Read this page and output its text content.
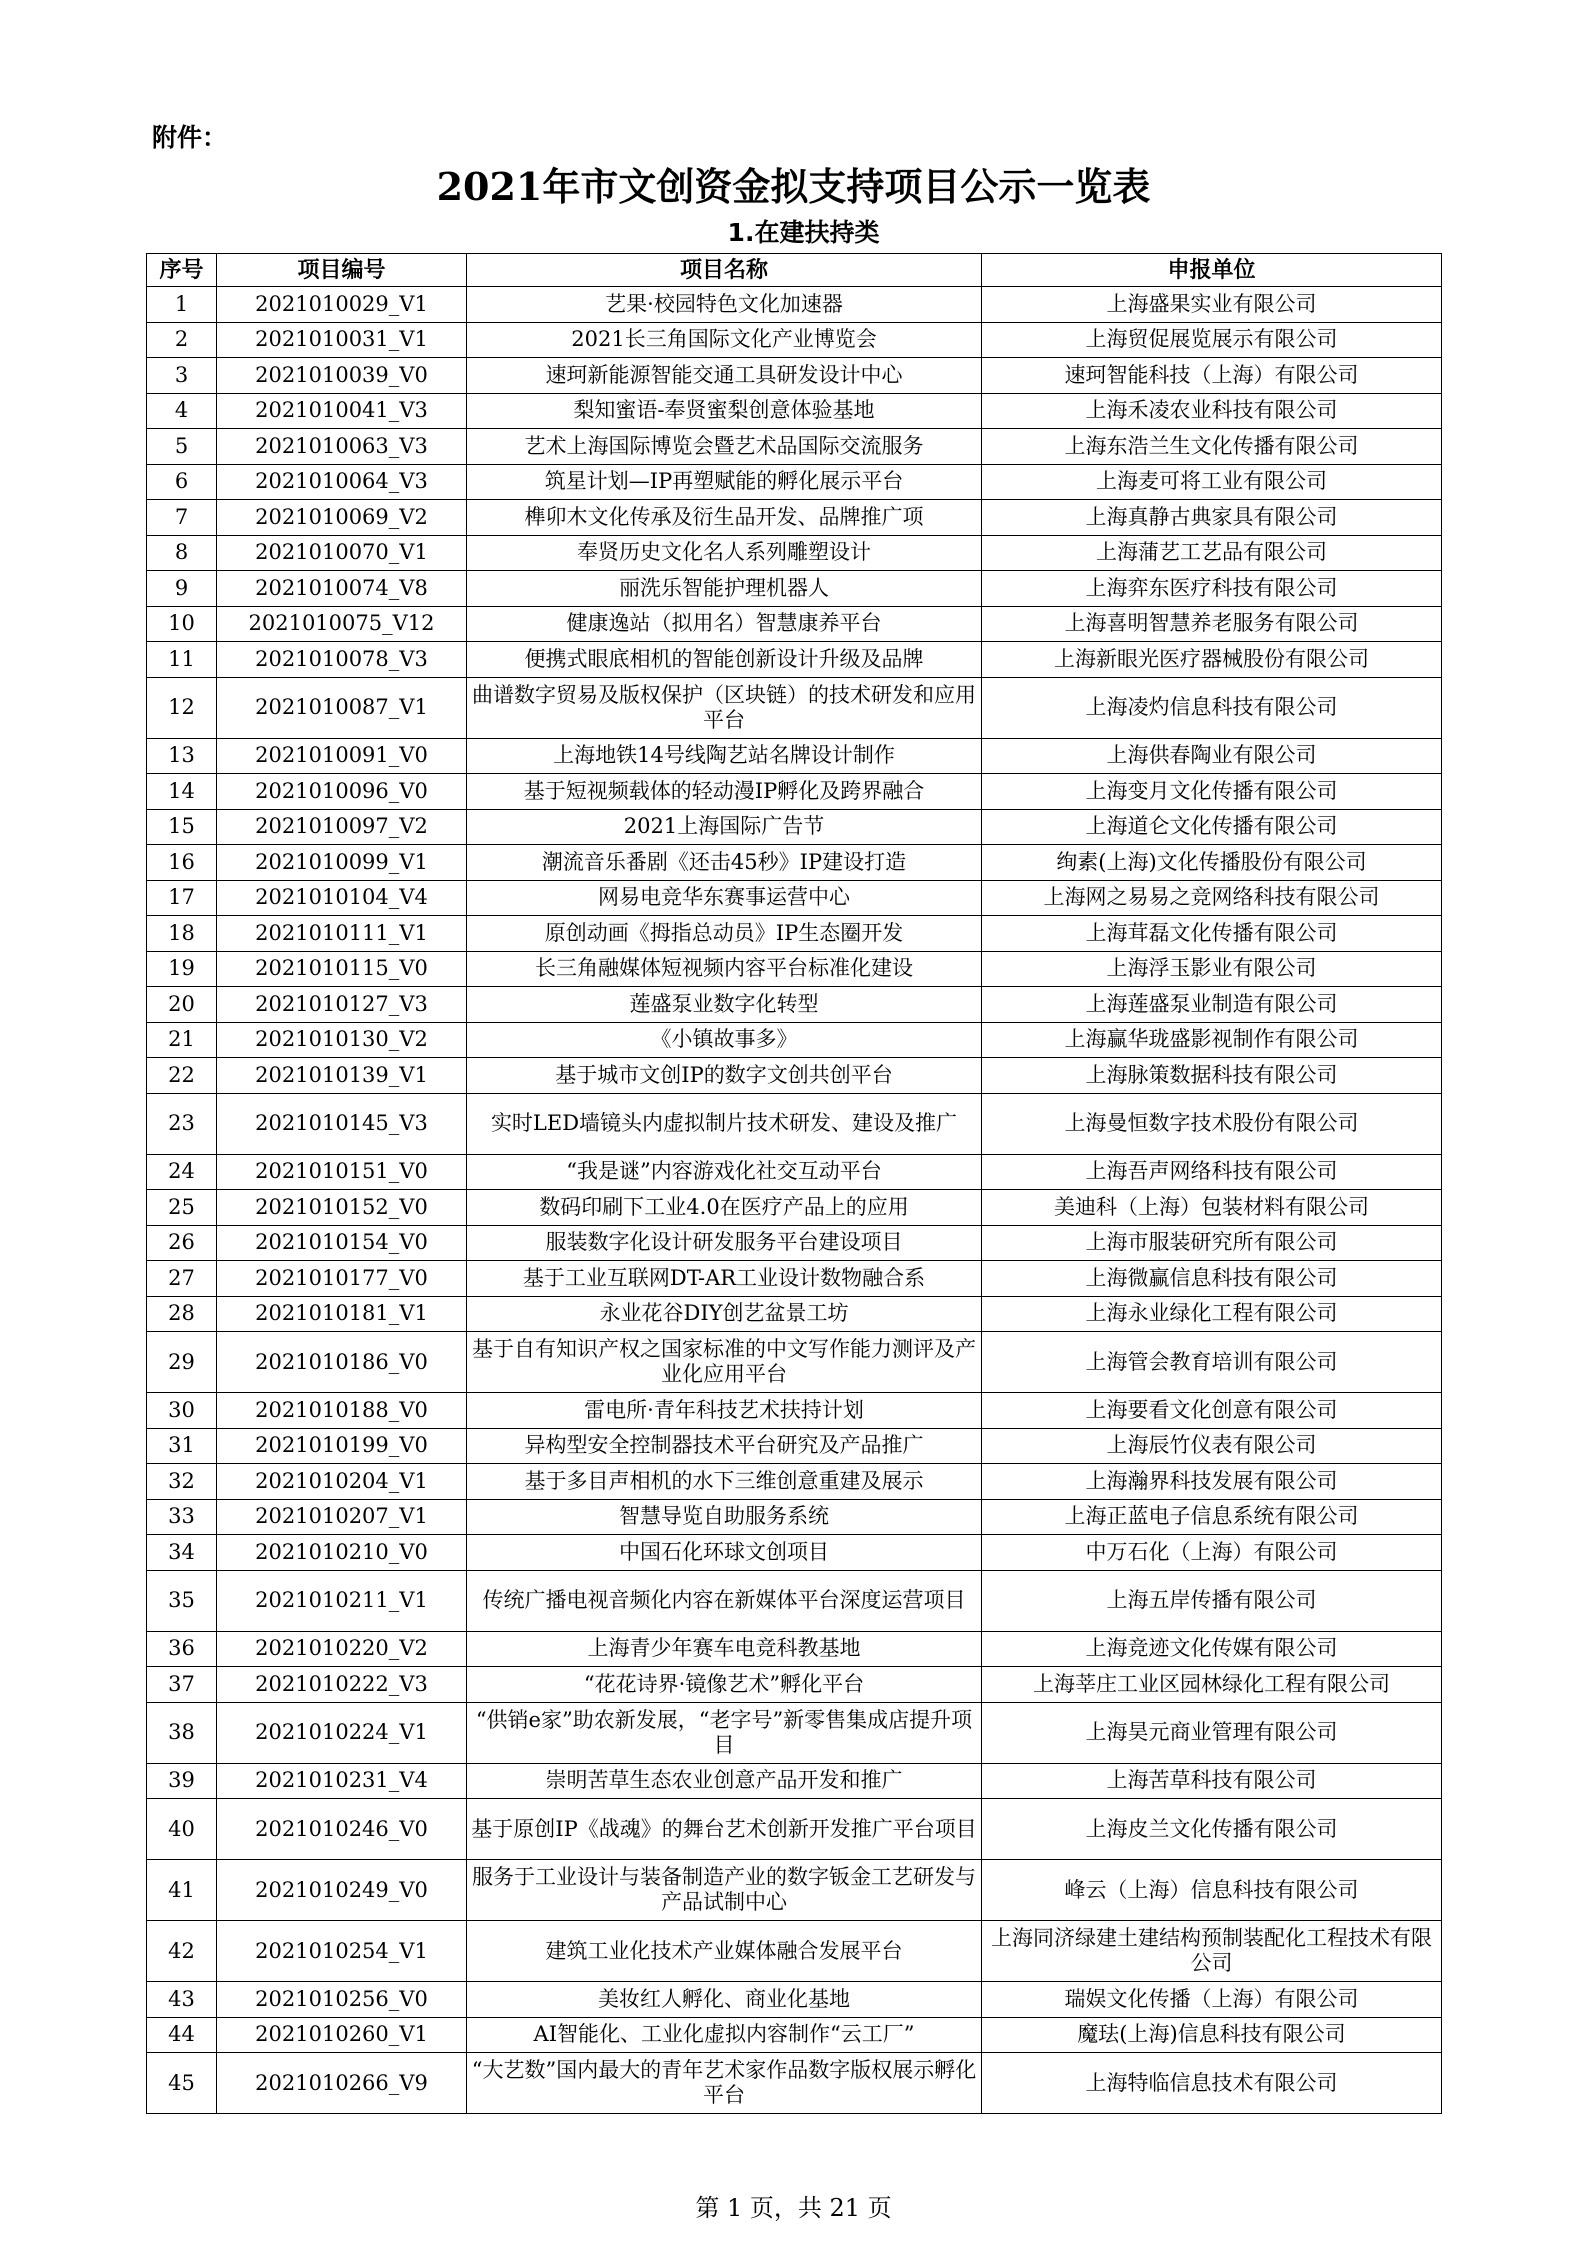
附件：
2021年市文创资金拟支持项目公示一览表
1.在建扶持类
序号	项目编号	项目名称	申报单位
1	2021010029_V1	艺果·校园特色文化加速器	上海盛果实业有限公司
2	2021010031_V1	2021长三角国际文化产业博览会	上海贸促展览展示有限公司
3	2021010039_V0	速珂新能源智能交通工具研发设计中心	速珂智能科技（上海）有限公司
4	2021010041_V3	梨知蜜语-奉贤蜜梨创意体验基地	上海禾凌农业科技有限公司
5	2021010063_V3	艺术上海国际博览会暨艺术品国际交流服务	上海东浩兰生文化传播有限公司
6	2021010064_V3	筑星计划—IP再塑赋能的孵化展示平台	上海麦可将工业有限公司
7	2021010069_V2	榫卯木文化传承及衍生品开发、品牌推广项	上海真静古典家具有限公司
8	2021010070_V1	奉贤历史文化名人系列雕塑设计	上海蒲艺工艺品有限公司
9	2021010074_V8	丽洗乐智能护理机器人	上海弈东医疗科技有限公司
10	2021010075_V12	健康逸站（拟用名）智慧康养平台	上海喜明智慧养老服务有限公司
11	2021010078_V3	便携式眼底相机的智能创新设计升级及品牌	上海新眼光医疗器械股份有限公司
12	2021010087_V1	曲谱数字贸易及版权保护（区块链）的技术研发和应用平台	上海凌灼信息科技有限公司
13	2021010091_V0	上海地铁14号线陶艺站名牌设计制作	上海供春陶业有限公司
14	2021010096_V0	基于短视频载体的轻动漫IP孵化及跨界融合	上海变月文化传播有限公司
15	2021010097_V2	2021上海国际广告节	上海道仑文化传播有限公司
16	2021010099_V1	潮流音乐番剧《还击45秒》IP建设打造	绚素(上海)文化传播股份有限公司
17	2021010104_V4	网易电竞华东赛事运营中心	上海网之易易之竞网络科技有限公司
18	2021010111_V1	原创动画《拇指总动员》IP生态圈开发	上海茸磊文化传播有限公司
19	2021010115_V0	长三角融媒体短视频内容平台标准化建设	上海浮玉影业有限公司
20	2021010127_V3	莲盛泵业数字化转型	上海莲盛泵业制造有限公司
21	2021010130_V2	《小镇故事多》	上海赢华珑盛影视制作有限公司
22	2021010139_V1	基于城市文创IP的数字文创共创平台	上海脉策数据科技有限公司
23	2021010145_V3	实时LED墙镜头内虚拟制片技术研发、建设及推广	上海曼恒数字技术股份有限公司
24	2021010151_V0	“我是谜”内容游戏化社交互动平台	上海吾声网络科技有限公司
25	2021010152_V0	数码印刷下工业4.0在医疗产品上的应用	美迪科（上海）包装材料有限公司
26	2021010154_V0	服装数字化设计研发服务平台建设项目	上海市服装研究所有限公司
27	2021010177_V0	基于工业互联网DT-AR工业设计数物融合系	上海微赢信息科技有限公司
28	2021010181_V1	永业花谷DIY创艺盆景工坊	上海永业绿化工程有限公司
29	2021010186_V0	基于自有知识产权之国家标准的中文写作能力测评及产业化应用平台	上海管会教育培训有限公司
30	2021010188_V0	雷电所·青年科技艺术扶持计划	上海要看文化创意有限公司
31	2021010199_V0	异构型安全控制器技术平台研究及产品推广	上海辰竹仪表有限公司
32	2021010204_V1	基于多目声相机的水下三维创意重建及展示	上海瀚界科技发展有限公司
33	2021010207_V1	智慧导览自助服务系统	上海正蓝电子信息系统有限公司
34	2021010210_V0	中国石化环球文创项目	中万石化（上海）有限公司
35	2021010211_V1	传统广播电视音频化内容在新媒体平台深度运营项目	上海五岸传播有限公司
36	2021010220_V2	上海青少年赛车电竞科教基地	上海竞迹文化传媒有限公司
37	2021010222_V3	“花花诗界·镜像艺术”孵化平台	上海莘庄工业区园林绿化工程有限公司
38	2021010224_V1	“供销e家”助农新发展，“老字号”新零售集成店提升项目	上海昊元商业管理有限公司
39	2021010231_V4	崇明苦草生态农业创意产品开发和推广	上海苦草科技有限公司
40	2021010246_V0	基于原创IP《战魂》的舞台艺术创新开发推广平台项目	上海皮兰文化传播有限公司
41	2021010249_V0	服务于工业设计与装备制造产业的数字钣金工艺研发与产品试制中心	峰云（上海）信息科技有限公司
42	2021010254_V1	建筑工业化技术产业媒体融合发展平台	上海同济绿建土建结构预制装配化工程技术有限公司
43	2021010256_V0	美妆红人孵化、商业化基地	瑞娱文化传播（上海）有限公司
44	2021010260_V1	AI智能化、工业化虚拟内容制作“云工厂”	魔珐(上海)信息科技有限公司
45	2021010266_V9	“大艺数”国内最大的青年艺术家作品数字版权展示孵化平台	上海特临信息技术有限公司
第 1 页，共 21 页
